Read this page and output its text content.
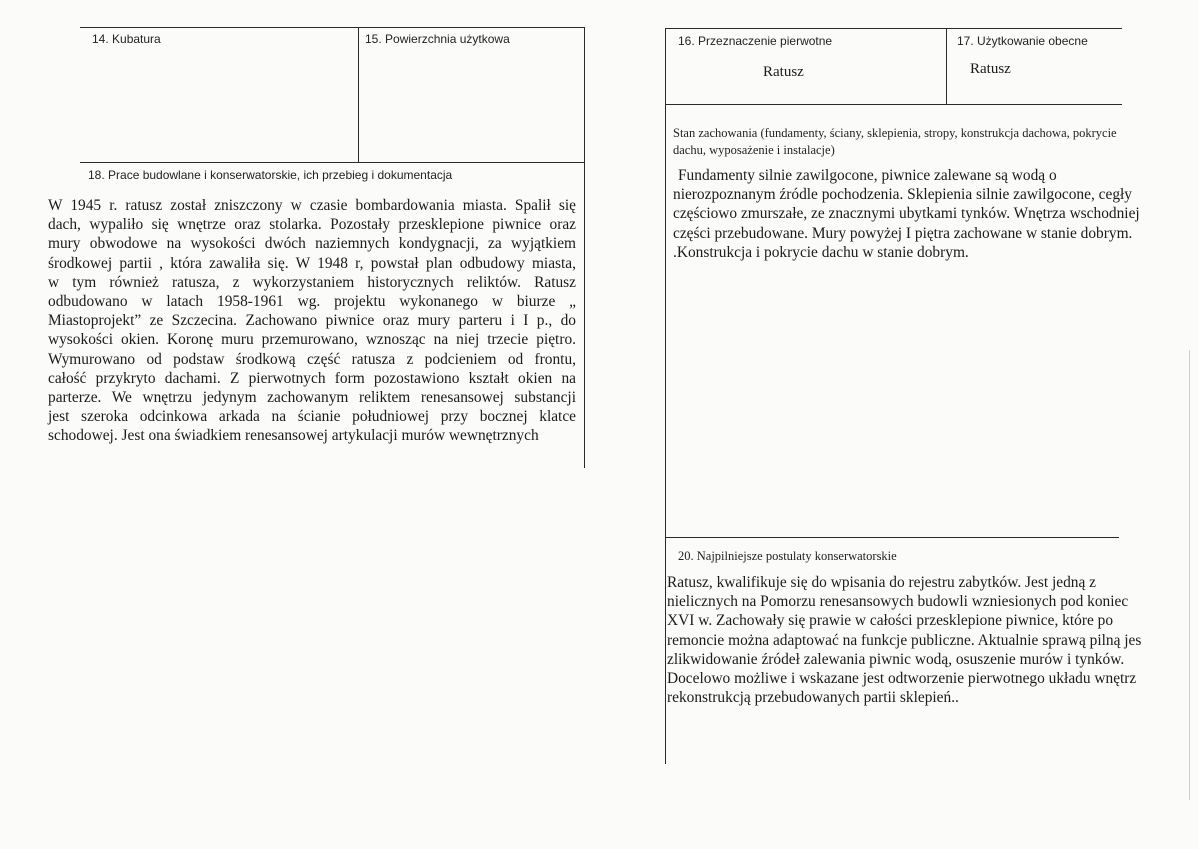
14. Kubatura	15. Powierzchnia użytkowa	16. Przeznaczenie pierwotne
Ratusz
17. Użytkowanie obecne
Ratusz
Stan zachowania (fundamenty, ściany, sklepienia, stropy, konstrukcja dachowa, pokrycie
dachu, wyposażenie i instalacje)
Fundamenty silnie zawilgocone, piwnice zalewane są wodą o
nierozpoznanym źródle pochodzenia. Sklepienia silnie zawilgocone, cegły
częściowo zmurszałe, ze znacznymi ubytkami tynków. Wnętrza wschodniej
części przebudowane. Mury powyżej I piętra zachowane w stanie dobrym.
.Konstrukcja i pokrycie dachu w stanie dobrym.
18. Prace budowlane i konserwatorskie, ich przebieg i dokumentacja
W 1945 r. ratusz został zniszczony w czasie bombardowania miasta. Spalił się
dach, wypaliło się wnętrze oraz stolarka. Pozostały przesklepione piwnice oraz
mury obwodowe na wysokości dwóch naziemnych kondygnacji, za wyjątkiem
środkowej partii , która zawaliła się. W 1948 r, powstał plan odbudowy miasta,
w tym również ratusza, z wykorzystaniem historycznych reliktów. Ratusz
odbudowano w latach 1958-1961 wg. projektu wykonanego w biurze „
Miastoprojekt” ze Szczecina. Zachowano piwnice oraz mury parteru i I p., do
wysokości okien. Koronę muru przemurowano, wznosząc na niej trzecie piętro.
Wymurowano od podstaw środkową część ratusza z podcieniem od frontu,
całość przykryto dachami. Z pierwotnych form pozostawiono kształt okien na
parterze. We wnętrzu jedynym zachowanym reliktem renesansowej substancji
jest szeroka odcinkowa arkada na ścianie południowej przy bocznej klatce
schodowej. Jest ona świadkiem renesansowej artykulacji murów wewnętrznych
20. Najpilniejsze postulaty konserwatorskie
Ratusz, kwalifikuje się do wpisania do rejestru zabytków. Jest jedną z
nielicznych na Pomorzu renesansowych budowli wzniesionych pod koniec
XVI w. Zachowały się prawie w całości przesklepione piwnice, które po
remoncie można adaptować na funkcje publiczne. Aktualnie sprawą pilną jes
zlikwidowanie źródeł zalewania piwnic wodą, osuszenie murów i tynków.
Docelowo możliwe i wskazane jest odtworzenie pierwotnego układu wnętrz
rekonstrukcją przebudowanych partii sklepień..
